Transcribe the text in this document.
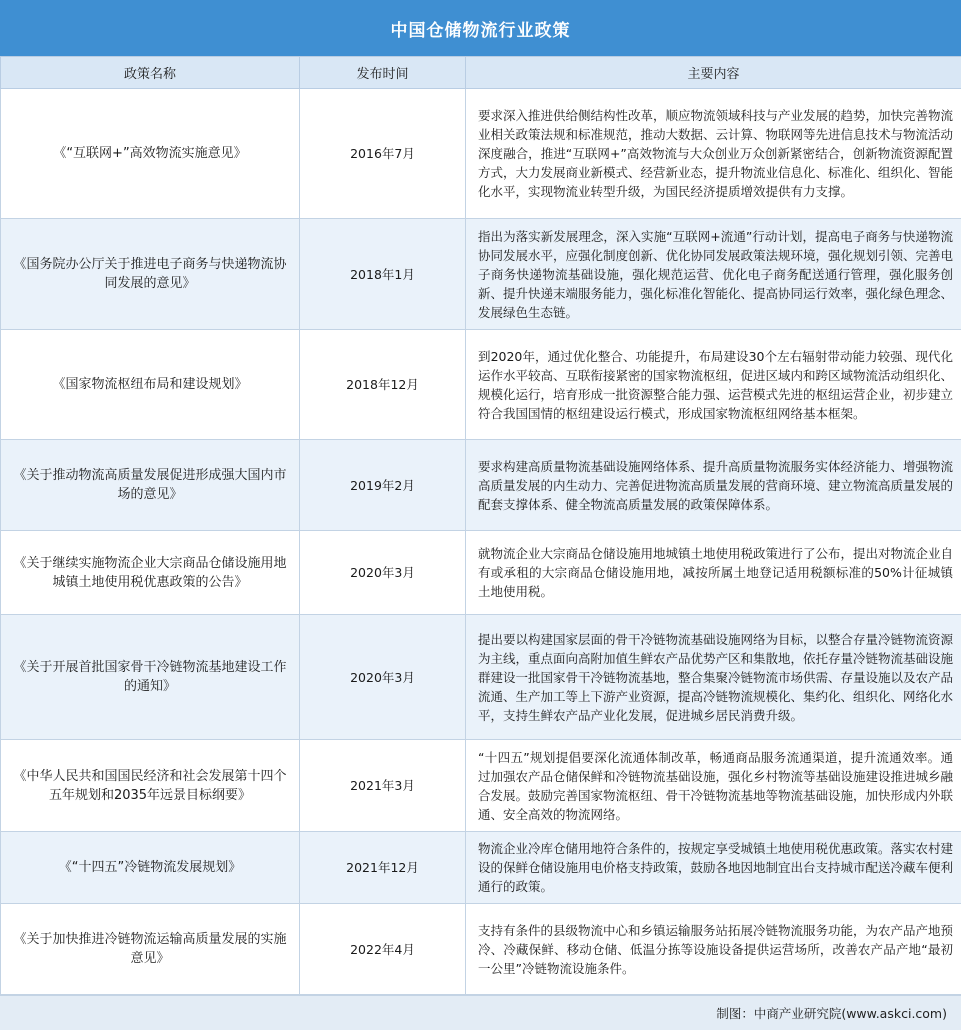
中国仓储物流行业政策
政策名称	发布时间	主要内容
《“互联网+”高效物流实施意见》	2016年7月	要求深入推进供给侧结构性改革，顺应物流领域科技与产业发展的趋势，加快完善物流业相关政策法规和标准规范，推动大数据、云计算、物联网等先进信息技术与物流活动深度融合，推进“互联网+”高效物流与大众创业万众创新紧密结合，创新物流资源配置方式，大力发展商业新模式、经营新业态，提升物流业信息化、标准化、组织化、智能化水平，实现物流业转型升级，为国民经济提质增效提供有力支撑。
《国务院办公厅关于推进电子商务与快递物流协同发展的意见》	2018年1月	指出为落实新发展理念，深入实施“互联网+流通”行动计划，提高电子商务与快递物流协同发展水平，应强化制度创新、优化协同发展政策法规环境，强化规划引领、完善电子商务快递物流基础设施，强化规范运营、优化电子商务配送通行管理，强化服务创新、提升快递末端服务能力，强化标准化智能化、提高协同运行效率，强化绿色理念、发展绿色生态链。
《国家物流枢纽布局和建设规划》	2018年12月	到2020年，通过优化整合、功能提升，布局建设30个左右辐射带动能力较强、现代化运作水平较高、互联衔接紧密的国家物流枢纽，促进区域内和跨区域物流活动组织化、规模化运行，培育形成一批资源整合能力强、运营模式先进的枢纽运营企业，初步建立符合我国国情的枢纽建设运行模式，形成国家物流枢纽网络基本框架。
《关于推动物流高质量发展促进形成强大国内市场的意见》	2019年2月	要求构建高质量物流基础设施网络体系、提升高质量物流服务实体经济能力、增强物流高质量发展的内生动力、完善促进物流高质量发展的营商环境、建立物流高质量发展的配套支撑体系、健全物流高质量发展的政策保障体系。
《关于继续实施物流企业大宗商品仓储设施用地城镇土地使用税优惠政策的公告》	2020年3月	就物流企业大宗商品仓储设施用地城镇土地使用税政策进行了公布，提出对物流企业自有或承租的大宗商品仓储设施用地，减按所属土地登记适用税额标准的50%计征城镇土地使用税。
《关于开展首批国家骨干冷链物流基地建设工作的通知》	2020年3月	提出要以构建国家层面的骨干冷链物流基础设施网络为目标，以整合存量冷链物流资源为主线，重点面向高附加值生鲜农产品优势产区和集散地，依托存量冷链物流基础设施群建设一批国家骨干冷链物流基地，整合集聚冷链物流市场供需、存量设施以及农产品流通、生产加工等上下游产业资源，提高冷链物流规模化、集约化、组织化、网络化水平，支持生鲜农产品产业化发展，促进城乡居民消费升级。
《中华人民共和国国民经济和社会发展第十四个五年规划和2035年远景目标纲要》	2021年3月	“十四五”规划提倡要深化流通体制改革，畅通商品服务流通渠道，提升流通效率。通过加强农产品仓储保鲜和冷链物流基础设施，强化乡村物流等基础设施建设推进城乡融合发展。鼓励完善国家物流枢纽、骨干冷链物流基地等物流基础设施，加快形成内外联通、安全高效的物流网络。
《“十四五”冷链物流发展规划》	2021年12月	物流企业冷库仓储用地符合条件的，按规定享受城镇土地使用税优惠政策。落实农村建设的保鲜仓储设施用电价格支持政策，鼓励各地因地制宜出台支持城市配送冷藏车便利通行的政策。
《关于加快推进冷链物流运输高质量发展的实施意见》	2022年4月	支持有条件的县级物流中心和乡镇运输服务站拓展冷链物流服务功能，为农产品产地预冷、冷藏保鲜、移动仓储、低温分拣等设施设备提供运营场所，改善农产品产地“最初一公里”冷链物流设施条件。
制图：中商产业研究院(www.askci.com)
